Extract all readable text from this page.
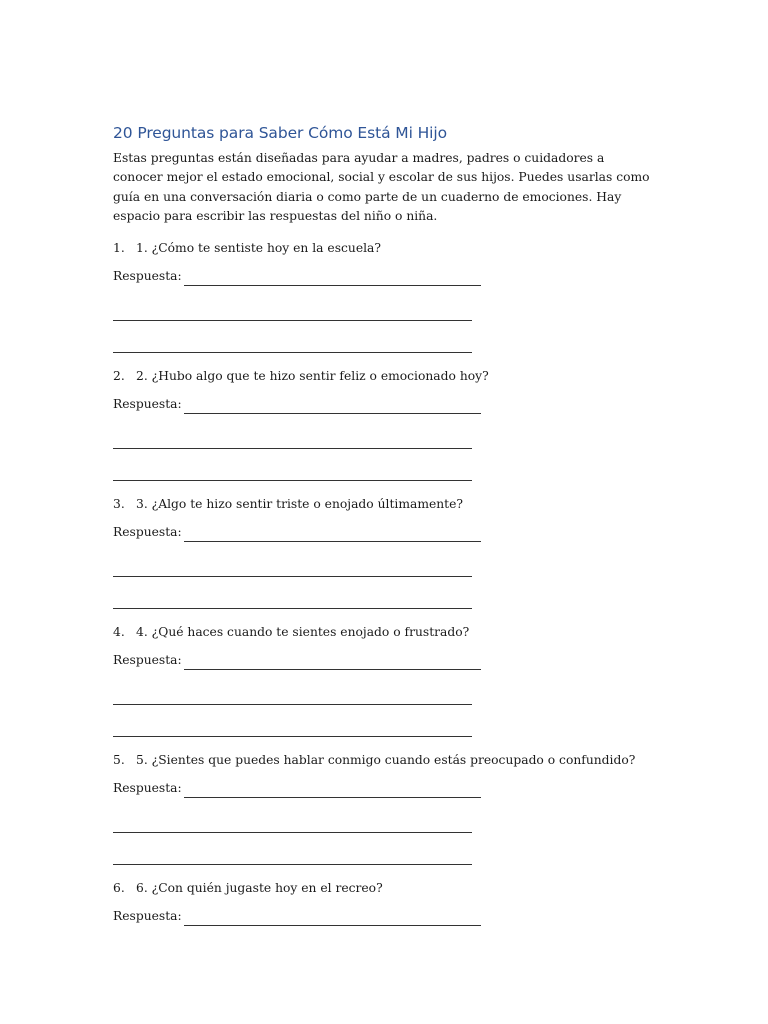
20 Preguntas para Saber Cómo Está Mi Hijo

Estas preguntas están diseñadas para ayudar a madres, padres o cuidadores a conocer mejor el estado emocional, social y escolar de sus hijos. Puedes usarlas como guía en una conversación diaria o como parte de un cuaderno de emociones. Hay espacio para escribir las respuestas del niño o niña.

1. 1. ¿Cómo te sentiste hoy en la escuela?
Respuesta:
2. 2. ¿Hubo algo que te hizo sentir feliz o emocionado hoy?
Respuesta:
3. 3. ¿Algo te hizo sentir triste o enojado últimamente?
Respuesta:
4. 4. ¿Qué haces cuando te sientes enojado o frustrado?
Respuesta:
5. 5. ¿Sientes que puedes hablar conmigo cuando estás preocupado o confundido?
Respuesta:
6. 6. ¿Con quién jugaste hoy en el recreo?
Respuesta:
